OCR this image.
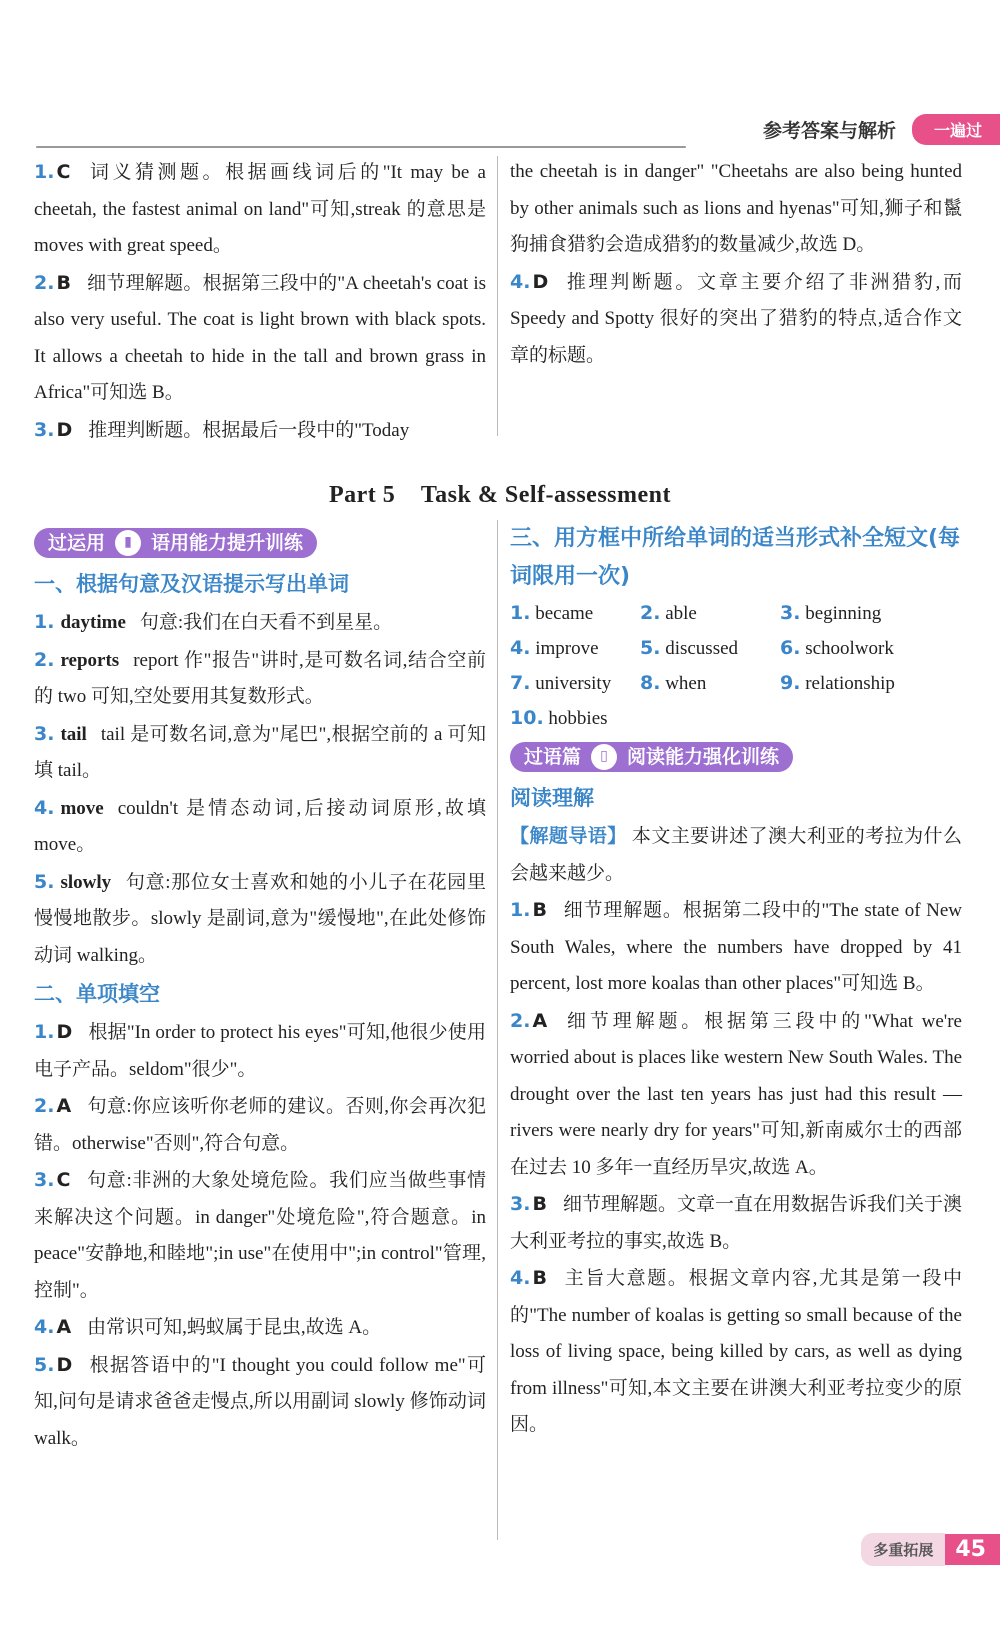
参考答案与解析	一遍过

1. C 词义猜测题。根据画线词后的"It may be a cheetah, the fastest animal on land"可知,streak 的意思是 moves with great speed。

2. B 细节理解题。根据第三段中的"A cheetah's coat is also very useful. The coat is light brown with black spots. It allows a cheetah to hide in the tall and brown grass in Africa"可知选 B。

3. D 推理判断题。根据最后一段中的"Today

the cheetah is in danger" "Cheetahs are also being hunted by other animals such as lions and hyenas"可知,狮子和鬣狗捕食猎豹会造成猎豹的数量减少,故选 D。

4. D 推理判断题。文章主要介绍了非洲猎豹,而 Speedy and Spotty 很好的突出了猎豹的特点,适合作文章的标题。

Part 5    Task & Self-assessment
过运用	▮	语用能力提升训练
一、根据句意及汉语提示写出单词

1. daytime 句意:我们在白天看不到星星。

2. reports report 作"报告"讲时,是可数名词,结合空前的 two 可知,空处要用其复数形式。

3. tail tail 是可数名词,意为"尾巴",根据空前的 a 可知填 tail。

4. move couldn't 是情态动词,后接动词原形,故填 move。

5. slowly 句意:那位女士喜欢和她的小儿子在花园里慢慢地散步。slowly 是副词,意为"缓慢地",在此处修饰动词 walking。

二、单项填空

1. D 根据"In order to protect his eyes"可知,他很少使用电子产品。seldom"很少"。

2. A 句意:你应该听你老师的建议。否则,你会再次犯错。otherwise"否则",符合句意。

3. C 句意:非洲的大象处境危险。我们应当做些事情来解决这个问题。in danger"处境危险",符合题意。in peace"安静地,和睦地";in use"在使用中";in control"管理,控制"。

4. A 由常识可知,蚂蚁属于昆虫,故选 A。

5. D 根据答语中的"I thought you could follow me"可知,问句是请求爸爸走慢点,所以用副词 slowly 修饰动词 walk。

三、用方框中所给单词的适当形式补全短文(每词限用一次)
1. became	2. able	3. beginning
4. improve	5. discussed	6. schoolwork
7. university	8. when	9. relationship
10. hobbies
过语篇	▯	阅读能力强化训练
阅读理解

【解题导语】 本文主要讲述了澳大利亚的考拉为什么会越来越少。

1. B 细节理解题。根据第二段中的"The state of New South Wales, where the numbers have dropped by 41 percent, lost more koalas than other places"可知选 B。

2. A 细节理解题。根据第三段中的"What we're worried about is places like western New South Wales. The drought over the last ten years has just had this result — rivers were nearly dry for years"可知,新南威尔士的西部在过去 10 多年一直经历旱灾,故选 A。

3. B 细节理解题。文章一直在用数据告诉我们关于澳大利亚考拉的事实,故选 B。

4. B 主旨大意题。根据文章内容,尤其是第一段中的"The number of koalas is getting so small because of the loss of living space, being killed by cars, as well as dying from illness"可知,本文主要在讲澳大利亚考拉变少的原因。

多重拓展	45
